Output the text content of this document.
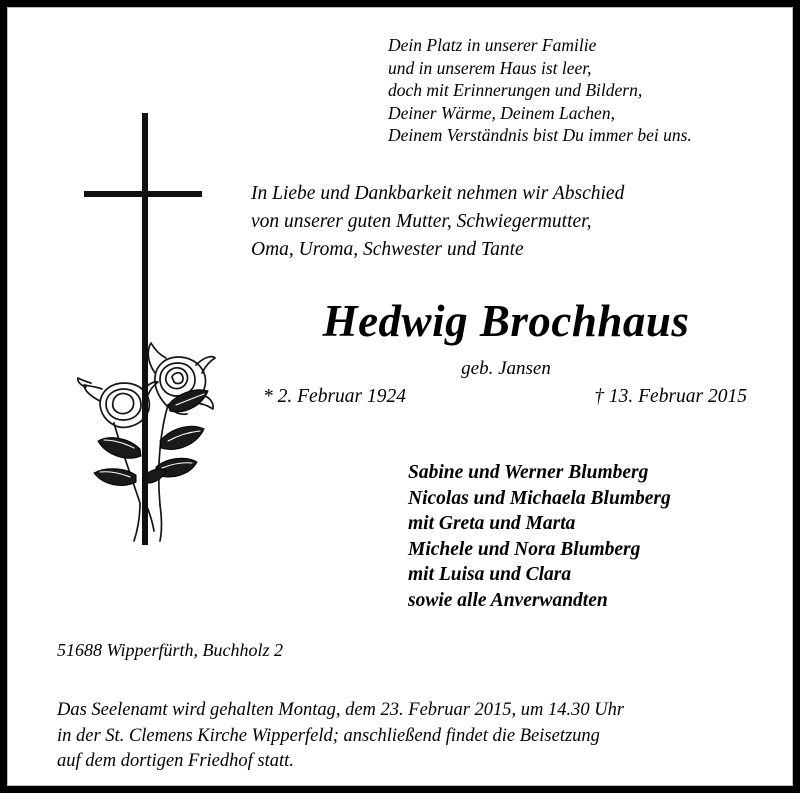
Dein Platz in unserer Familie
und in unserem Haus ist leer,
doch mit Erinnerungen und Bildern,
Deiner Wärme, Deinem Lachen,
Deinem Verständnis bist Du immer bei uns.
In Liebe und Dankbarkeit nehmen wir Abschied
von unserer guten Mutter, Schwiegermutter,
Oma, Uroma, Schwester und Tante
Hedwig Brochhaus
geb. Jansen
* 2. Februar 1924	† 13. Februar 2015
Sabine und Werner Blumberg
Nicolas und Michaela Blumberg
mit Greta und Marta
Michele und Nora Blumberg
mit Luisa und Clara
sowie alle Anverwandten
51688 Wipperfürth, Buchholz 2
Das Seelenamt wird gehalten Montag, dem 23. Februar 2015, um 14.30 Uhr
in der St. Clemens Kirche Wipperfeld; anschließend findet die Beisetzung
auf dem dortigen Friedhof statt.
